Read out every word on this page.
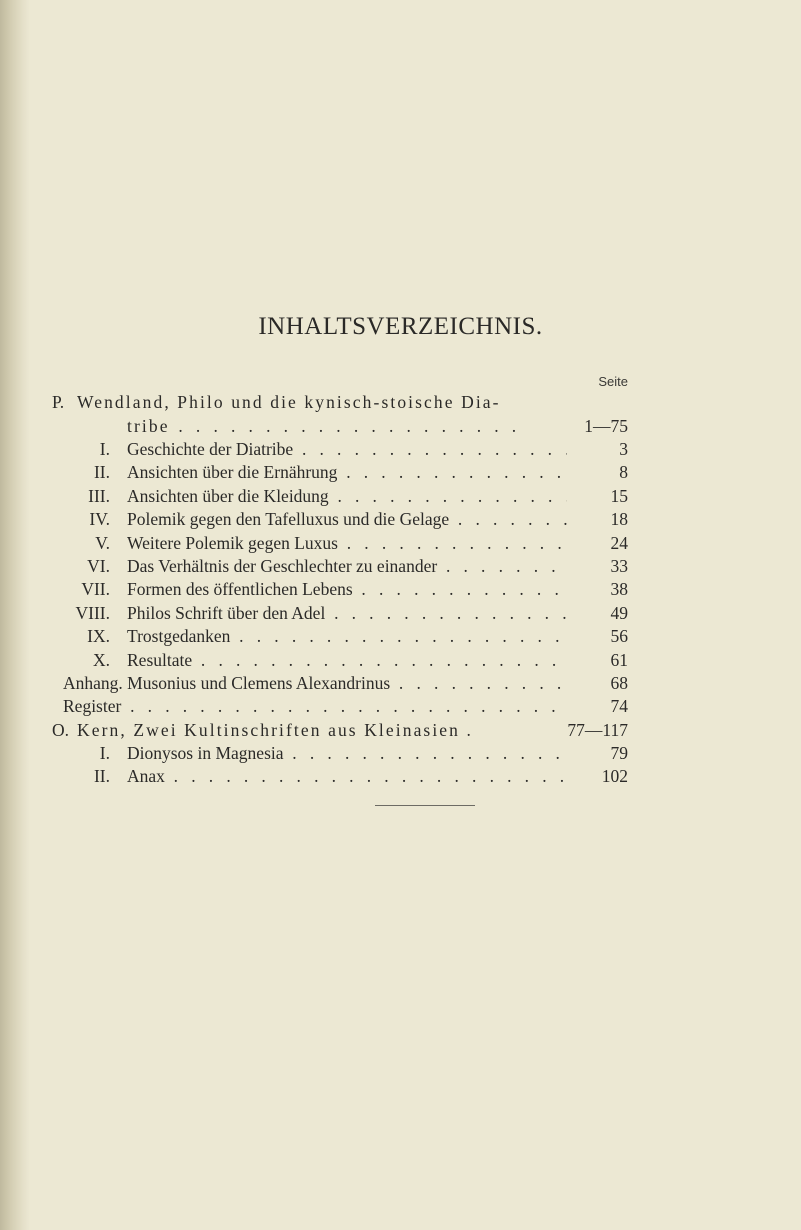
INHALTSVERZEICHNIS.
Seite
P. Wendland, Philo und die kynisch-stoische Dia-
tribe . . .	1—75
I. Geschichte der Diatribe . . .	3
II. Ansichten über die Ernährung . . .	8
III. Ansichten über die Kleidung . . .	15
IV. Polemik gegen den Tafelluxus und die Gelage . . .	18
V. Weitere Polemik gegen Luxus . . .	24
VI. Das Verhältnis der Geschlechter zu einander . . .	33
VII. Formen des öffentlichen Lebens . . .	38
VIII. Philos Schrift über den Adel . . .	49
IX. Trostgedanken . . .	56
X. Resultate . . .	61
Anhang. Musonius und Clemens Alexandrinus . . .	68
Register . . .	74
O. Kern, Zwei Kultinschriften aus Kleinasien .	77—117
I. Dionysos in Magnesia . . .	79
II. Anax . . .	102
